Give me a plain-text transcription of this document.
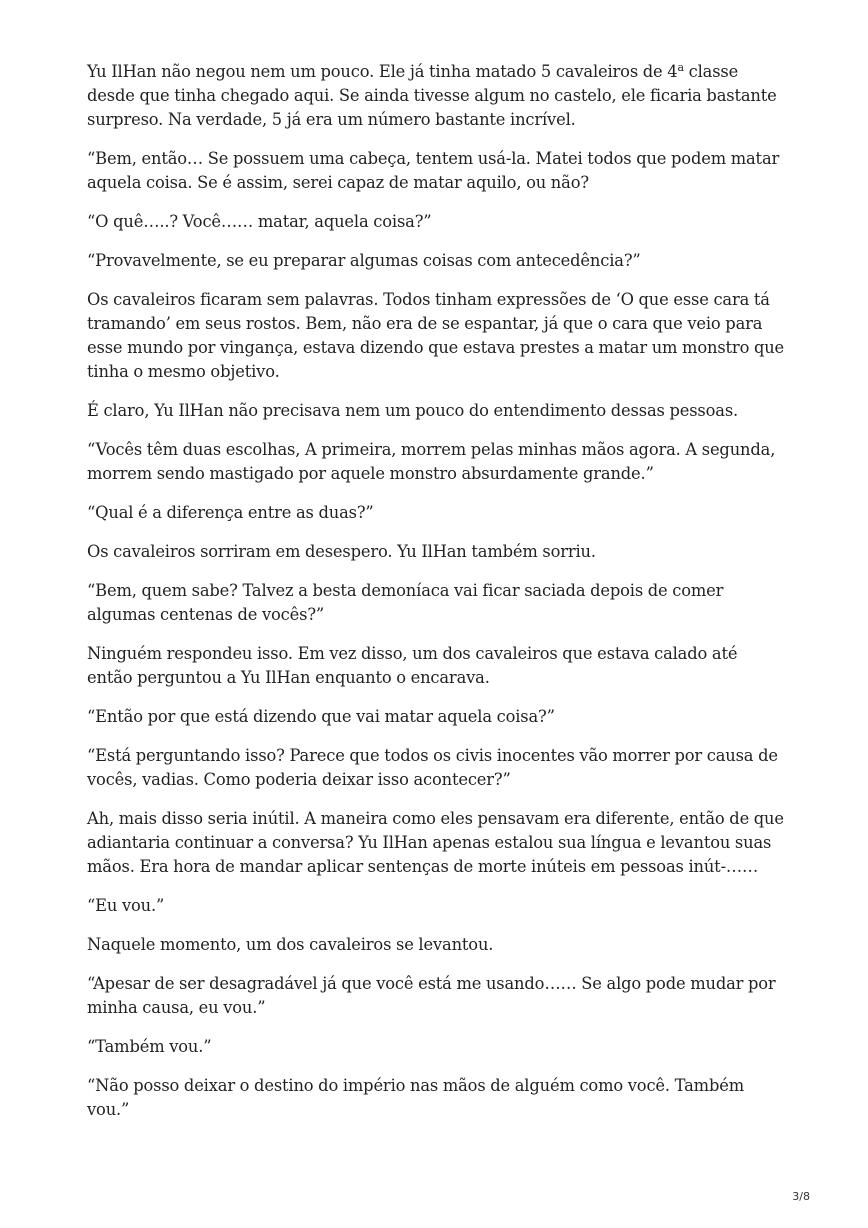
Yu IlHan não negou nem um pouco. Ele já tinha matado 5 cavaleiros de 4$^a$ classe desde que tinha chegado aqui. Se ainda tivesse algum no castelo, ele ficaria bastante surpreso. Na verdade, 5 já era um número bastante incrível.

“Bem, então… Se possuem uma cabeça, tentem usá-la. Matei todos que podem matar aquela coisa. Se é assim, serei capaz de matar aquilo, ou não?

“O quê…..? Você…… matar, aquela coisa?”

“Provavelmente, se eu preparar algumas coisas com antecedência?”

Os cavaleiros ficaram sem palavras. Todos tinham expressões de ‘O que esse cara tá tramando’ em seus rostos. Bem, não era de se espantar, já que o cara que veio para esse mundo por vingança, estava dizendo que estava prestes a matar um monstro que tinha o mesmo objetivo.

É claro, Yu IlHan não precisava nem um pouco do entendimento dessas pessoas.

“Vocês têm duas escolhas, A primeira, morrem pelas minhas mãos agora. A segunda, morrem sendo mastigado por aquele monstro absurdamente grande.”

“Qual é a diferença entre as duas?”

Os cavaleiros sorriram em desespero. Yu IlHan também sorriu.

“Bem, quem sabe? Talvez a besta demoníaca vai ficar saciada depois de comer algumas centenas de vocês?”

Ninguém respondeu isso. Em vez disso, um dos cavaleiros que estava calado até então perguntou a Yu IlHan enquanto o encarava.

“Então por que está dizendo que vai matar aquela coisa?”

“Está perguntando isso? Parece que todos os civis inocentes vão morrer por causa de vocês, vadias. Como poderia deixar isso acontecer?”

Ah, mais disso seria inútil. A maneira como eles pensavam era diferente, então de que adiantaria continuar a conversa? Yu IlHan apenas estalou sua língua e levantou suas mãos. Era hora de mandar aplicar sentenças de morte inúteis em pessoas inút-……

“Eu vou.”

Naquele momento, um dos cavaleiros se levantou.

“Apesar de ser desagradável já que você está me usando…… Se algo pode mudar por minha causa, eu vou.”

“Também vou.”

“Não posso deixar o destino do império nas mãos de alguém como você. Também vou.”

3/8
